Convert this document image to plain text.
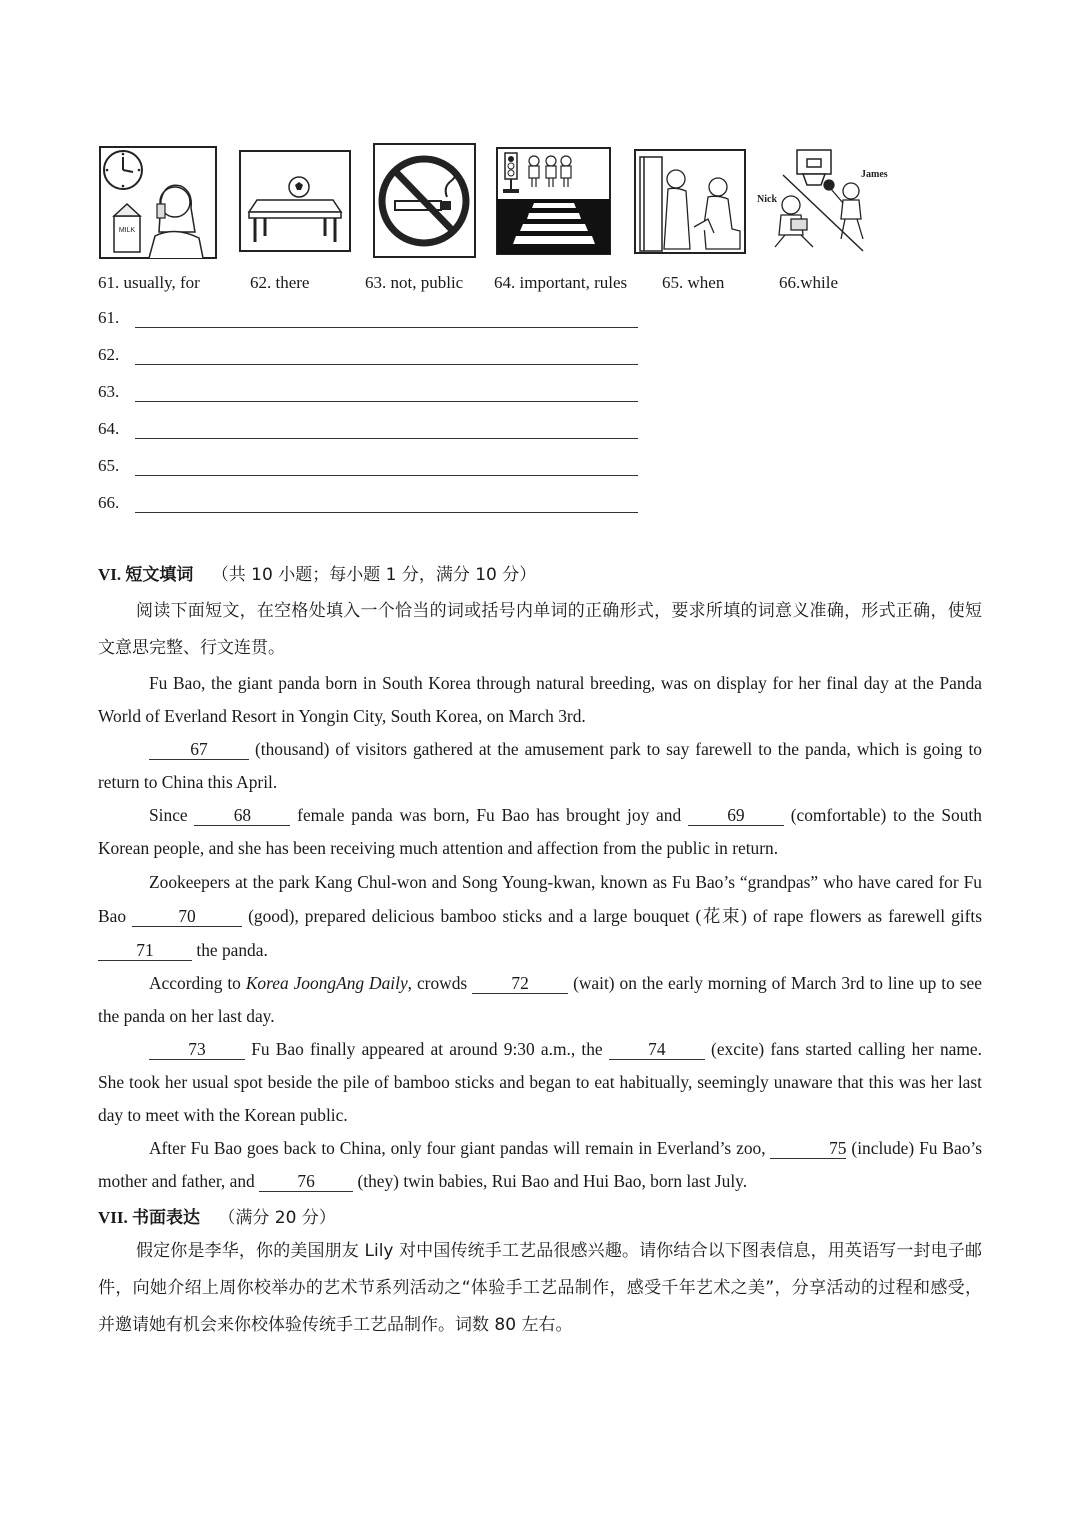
MILK
James
Nick
61. usually, for	62. there	63. not, public 64. important, rules 65. when	66.while
61.
62.
63.
64.
65.
66.
VI. 短文填词 （共 10 小题；每小题 1 分，满分 10 分）
阅读下面短文，在空格处填入一个恰当的词或括号内单词的正确形式，要求所填的词意义准确，形式正确，使短文意思完整、行文连贯。
Fu Bao, the giant panda born in South Korea through natural breeding, was on display for her final day at the Panda World of Everland Resort in Yongin City, South Korea, on March 3rd.
67	(thousand) of visitors gathered at the amusement park to say farewell to the panda, which is going to return to China this April.
Since	68	female panda was born, Fu Bao has brought joy and	69	(comfortable) to the South Korean people, and she has been receiving much attention and affection from the public in return.
Zookeepers at the park Kang Chul-won and Song Young-kwan, known as Fu Bao’s “grandpas” who have cared for Fu Bao	70	(good), prepared delicious bamboo sticks and a large bouquet (花束) of rape flowers as farewell gifts 71 the panda.
According to Korea JoongAng Daily, crowds	72	(wait) on the early morning of March 3rd to line up to see the panda on her last day.
73	Fu Bao finally appeared at around 9:30 a.m., the	74	(excite) fans started calling her name. She took her usual spot beside the pile of bamboo sticks and began to eat habitually, seemingly unaware that this was her last day to meet with the Korean public.
After Fu Bao goes back to China, only four giant pandas will remain in Everland’s zoo,	75 (include) Fu Bao’s mother and father, and 76 (they) twin babies, Rui Bao and Hui Bao, born last July.
VII. 书面表达 （满分 20 分）
假定你是李华，你的美国朋友 Lily 对中国传统手工艺品很感兴趣。请你结合以下图表信息，用英语写一封电子邮件，向她介绍上周你校举办的艺术节系列活动之“体验手工艺品制作，感受千年艺术之美”，分享活动的过程和感受，并邀请她有机会来你校体验传统手工艺品制作。词数 80 左右。
